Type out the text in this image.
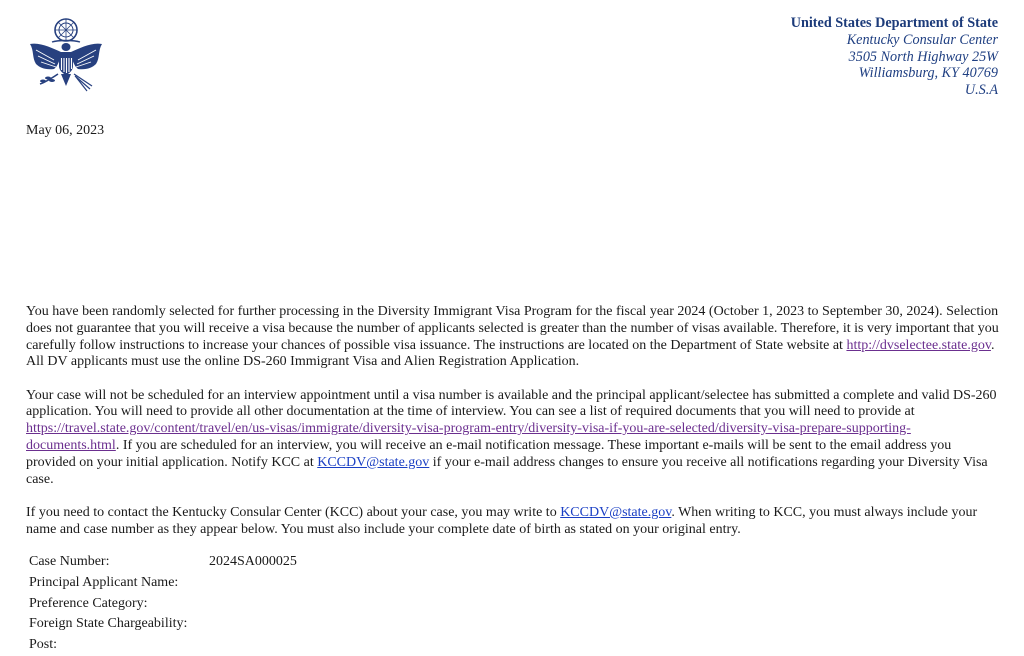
United States Department of State
Kentucky Consular Center
3505 North Highway 25W
Williamsburg, KY 40769
U.S.A
May 06, 2023

You have been randomly selected for further processing in the Diversity Immigrant Visa Program for the fiscal year 2024 (October 1, 2023 to September 30, 2024). Selection does not guarantee that you will receive a visa because the number of applicants selected is greater than the number of visas available. Therefore, it is very important that you carefully follow instructions to increase your chances of possible visa issuance. The instructions are located on the Department of State website at http://dvselectee.state.gov. All DV applicants must use the online DS-260 Immigrant Visa and Alien Registration Application.

Your case will not be scheduled for an interview appointment until a visa number is available and the principal applicant/selectee has submitted a complete and valid DS-260 application. You will need to provide all other documentation at the time of interview. You can see a list of required documents that you will need to provide at https://travel.state.gov/content/travel/en/us-visas/immigrate/diversity-visa-program-entry/diversity-visa-if-you-are-selected/diversity-visa-prepare-supporting-documents.html. If you are scheduled for an interview, you will receive an e-mail notification message. These important e-mails will be sent to the email address you provided on your initial application. Notify KCC at KCCDV@state.gov if your e-mail address changes to ensure you receive all notifications regarding your Diversity Visa case.

If you need to contact the Kentucky Consular Center (KCC) about your case, you may write to KCCDV@state.gov. When writing to KCC, you must always include your name and case number as they appear below. You must also include your complete date of birth as stated on your original entry.

Case Number:	2024SA000025
Principal Applicant Name:	
Preference Category:	
Foreign State Chargeability:	
Post:	
